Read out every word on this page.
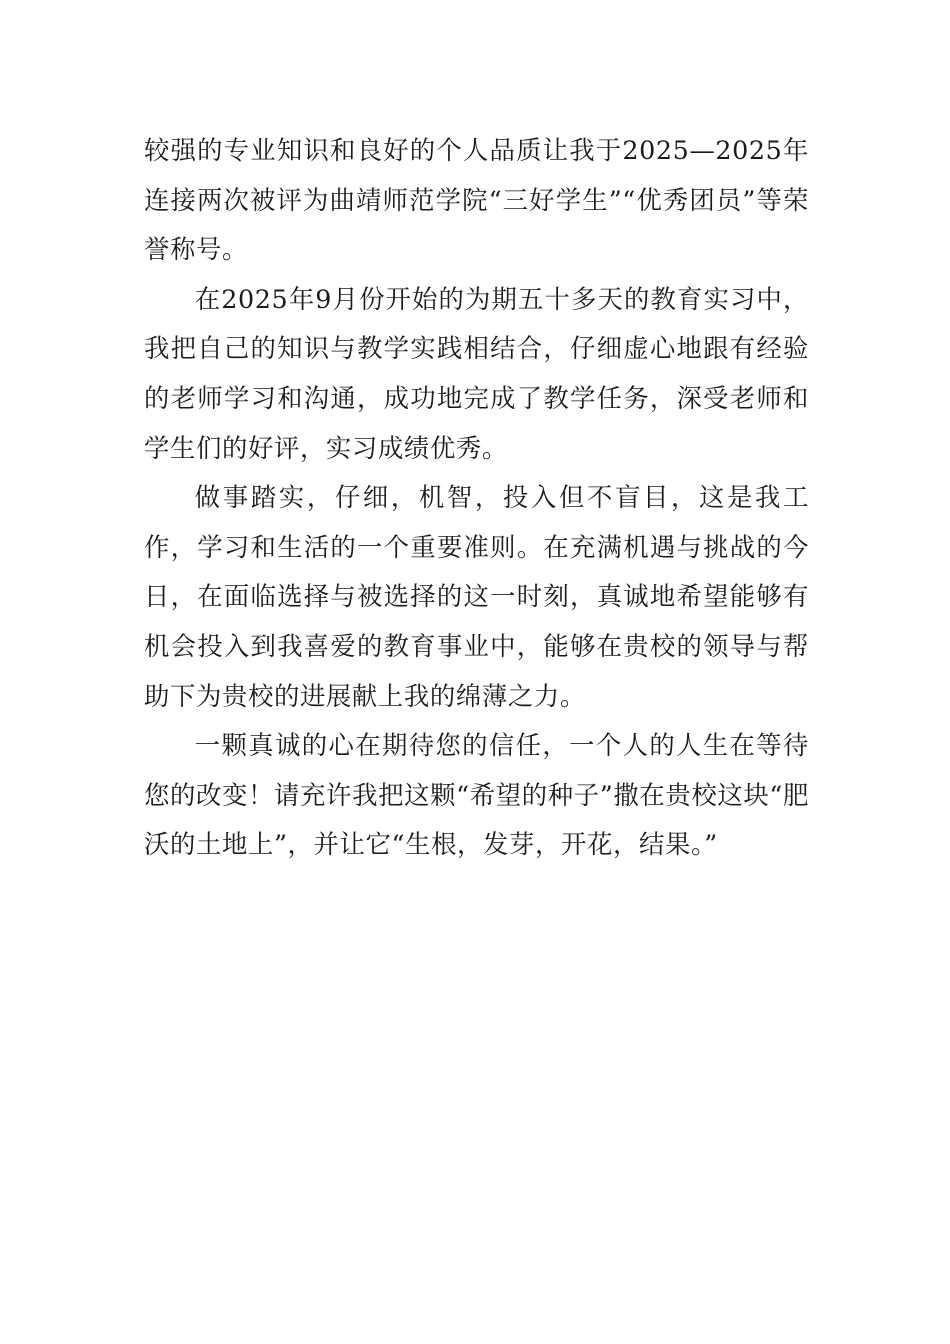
较强的专业知识和良好的个人品质让我于2025—2025年连接两次被评为曲靖师范学院“三好学生”“优秀团员”等荣誉称号。

在2025年9月份开始的为期五十多天的教育实习中，我把自己的知识与教学实践相结合，仔细虚心地跟有经验的老师学习和沟通，成功地完成了教学任务，深受老师和学生们的好评，实习成绩优秀。

做事踏实，仔细，机智，投入但不盲目，这是我工作，学习和生活的一个重要准则。在充满机遇与挑战的今日，在面临选择与被选择的这一时刻，真诚地希望能够有机会投入到我喜爱的教育事业中，能够在贵校的领导与帮助下为贵校的进展献上我的绵薄之力。

一颗真诚的心在期待您的信任，一个人的人生在等待您的改变！请充许我把这颗“希望的种子”撒在贵校这块“肥沃的土地上”，并让它“生根，发芽，开花，结果。”
